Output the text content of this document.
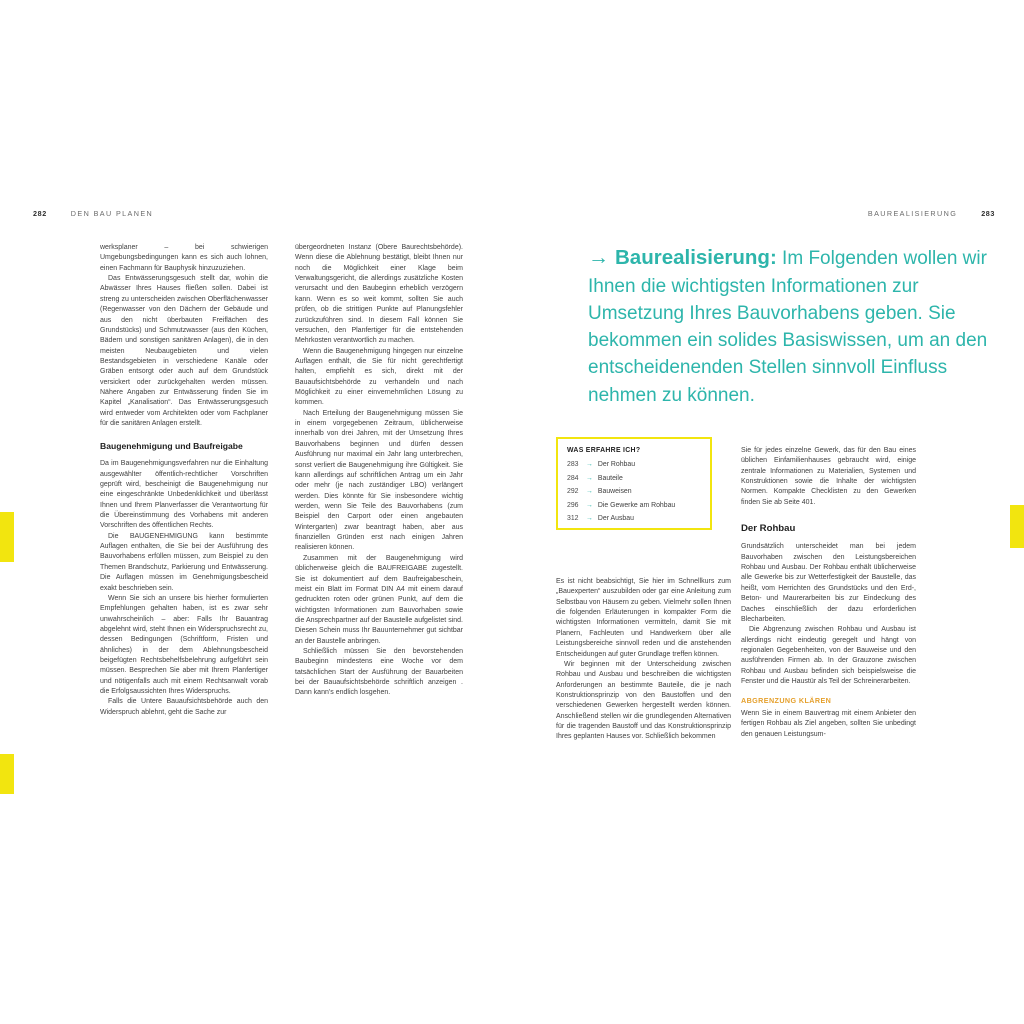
282	DEN BAU PLANEN	BAUREALISIERUNG	283

werksplaner – bei schwierigen Umgebungsbedingungen kann es sich auch lohnen, einen Fachmann für Bauphysik hinzuzuziehen.

Das Entwässerungsgesuch stellt dar, wohin die Abwässer Ihres Hauses fließen sollen. Dabei ist streng zu unterscheiden zwischen Oberflächenwasser (Regenwasser von den Dächern der Gebäude und aus den nicht überbauten Freiflächen des Grundstücks) und Schmutzwasser (aus den Küchen, Bädern und sonstigen sanitären Anlagen), die in den meisten Neubaugebieten und vielen Bestandsgebieten in verschiedene Kanäle oder Gräben entsorgt oder auch auf dem Grundstück versickert oder zurückgehalten werden müssen. Nähere Angaben zur Entwässerung finden Sie im Kapitel „Kanalisation“. Das Entwässerungsgesuch wird entweder vom Architekten oder vom Fachplaner für die sanitären Anlagen erstellt.

Baugenehmigung und Baufreigabe

Da im Baugenehmigungsverfahren nur die Einhaltung ausgewählter öffentlich-rechtlicher Vorschriften geprüft wird, bescheinigt die Baugenehmigung nur eine eingeschränkte Unbedenklichkeit und überlässt Ihnen und Ihrem Planverfasser die Verantwortung für die Übereinstimmung des Vorhabens mit anderen Vorschriften des öffentlichen Rechts.

Die BAUGENEHMIGUNG kann bestimmte Auflagen enthalten, die Sie bei der Ausführung des Bauvorhabens erfüllen müssen, zum Beispiel zu den Themen Brandschutz, Parkierung und Entwässerung. Die Auflagen müssen im Genehmigungsbescheid exakt beschrieben sein.

Wenn Sie sich an unsere bis hierher formulierten Empfehlungen gehalten haben, ist es zwar sehr unwahrscheinlich – aber: Falls Ihr Bauantrag abgelehnt wird, steht Ihnen ein Widerspruchsrecht zu, dessen Bedingungen (Schriftform, Fristen und ähnliches) in der dem Ablehnungsbescheid beigefügten Rechtsbehelfsbelehrung aufgeführt sein müssen. Besprechen Sie aber mit Ihrem Planfertiger und nötigenfalls auch mit einem Rechtsanwalt vorab die Erfolgsaussichten Ihres Widerspruchs.

Falls die Untere Bauaufsichtsbehörde auch den Widerspruch ablehnt, geht die Sache zur

übergeordneten Instanz (Obere Baurechtsbehörde). Wenn diese die Ablehnung bestätigt, bleibt Ihnen nur noch die Möglichkeit einer Klage beim Verwaltungsgericht, die allerdings zusätzliche Kosten verursacht und den Baubeginn erheblich verzögern kann. Wenn es so weit kommt, sollten Sie auch prüfen, ob die strittigen Punkte auf Planungsfehler zurückzuführen sind. In diesem Fall können Sie versuchen, den Planfertiger für die entstehenden Mehrkosten verantwortlich zu machen.

Wenn die Baugenehmigung hingegen nur einzelne Auflagen enthält, die Sie für nicht gerechtfertigt halten, empfiehlt es sich, direkt mit der Bauaufsichtsbehörde zu verhandeln und nach Möglichkeit zu einer einvernehmlichen Lösung zu kommen.

Nach Erteilung der Baugenehmigung müssen Sie in einem vorgegebenen Zeitraum, üblicherweise innerhalb von drei Jahren, mit der Umsetzung Ihres Bauvorhabens beginnen und dürfen dessen Ausführung nur maximal ein Jahr lang unterbrechen, sonst verliert die Baugenehmigung ihre Gültigkeit. Sie kann allerdings auf schriftlichen Antrag um ein Jahr oder mehr (je nach zuständiger LBO) verlängert werden. Dies könnte für Sie insbesondere wichtig werden, wenn Sie Teile des Bauvorhabens (zum Beispiel den Carport oder einen angebauten Wintergarten) zwar beantragt haben, aber aus finanziellen Gründen erst nach einigen Jahren realisieren können.

Zusammen mit der Baugenehmigung wird üblicherweise gleich die BAUFREIGABE zugestellt. Sie ist dokumentiert auf dem Baufreigabeschein, meist ein Blatt im Format DIN A4 mit einem darauf gedruckten roten oder grünen Punkt, auf dem die wichtigsten Informationen zum Bauvorhaben sowie die Ansprechpartner auf der Baustelle aufgelistet sind. Diesen Schein muss Ihr Bauunternehmer gut sichtbar an der Baustelle anbringen.

Schließlich müssen Sie den bevorstehenden Baubeginn mindestens eine Woche vor dem tatsächlichen Start der Ausführung der Bauarbeiten bei der Bauaufsichtsbehörde schriftlich anzeigen . Dann kann’s endlich losgehen.

→ Baurealisierung: Im Folgenden wollen wir Ihnen die wichtigsten Informationen zur Umsetzung Ihres Bauvorhabens geben. Sie bekommen ein solides Basiswissen, um an den entscheidenenden Stellen sinnvoll Einfluss nehmen zu können.
WAS ERFAHRE ICH?
283	→ Der Rohbau
284	→ Bauteile
292	→ Bauweisen
296	→ Die Gewerke am Rohbau
312	→ Der Ausbau

Es ist nicht beabsichtigt, Sie hier im Schnellkurs zum „Bauexperten“ auszubilden oder gar eine Anleitung zum Selbstbau von Häusern zu geben. Vielmehr sollen Ihnen die folgenden Erläuterungen in kompakter Form die wichtigsten Informationen vermitteln, damit Sie mit Planern, Fachleuten und Handwerkern über alle Leistungsbereiche sinnvoll reden und die anstehenden Entscheidungen auf guter Grundlage treffen können.

Wir beginnen mit der Unterscheidung zwischen Rohbau und Ausbau und beschreiben die wichtigsten Anforderungen an bestimmte Bauteile, die je nach Konstruktionsprinzip von den Baustoffen und den verschiedenen Gewerken hergestellt werden können. Anschließend stellen wir die grundlegenden Alternativen für die tragenden Baustoff und das Konstruktionsprinzip Ihres geplanten Hauses vor. Schließlich bekommen

Sie für jedes einzelne Gewerk, das für den Bau eines üblichen Einfamilienhauses gebraucht wird, einige zentrale Informationen zu Materialien, Systemen und Konstruktionen sowie die Inhalte der wichtigsten Normen. Kompakte Checklisten zu den Gewerken finden Sie ab Seite 401.

Der Rohbau

Grundsätzlich unterscheidet man bei jedem Bauvorhaben zwischen den Leistungsbereichen Rohbau und Ausbau. Der Rohbau enthält üblicherweise alle Gewerke bis zur Wetterfestigkeit der Baustelle, das heißt, vom Herrichten des Grundstücks und den Erd-, Beton- und Maurerarbeiten bis zur Eindeckung des Daches einschließlich der dazu erforderlichen Blecharbeiten.

Die Abgrenzung zwischen Rohbau und Ausbau ist allerdings nicht eindeutig geregelt und hängt von regionalen Gegebenheiten, von der Bauweise und den ausführenden Firmen ab. In der Grauzone zwischen Rohbau und Ausbau befinden sich beispielsweise die Fenster und die Haustür als Teil der Schreinerarbeiten.

ABGRENZUNG KLÄREN

Wenn Sie in einem Bauvertrag mit einem Anbieter den fertigen Rohbau als Ziel angeben, sollten Sie unbedingt den genauen Leistungsum-
